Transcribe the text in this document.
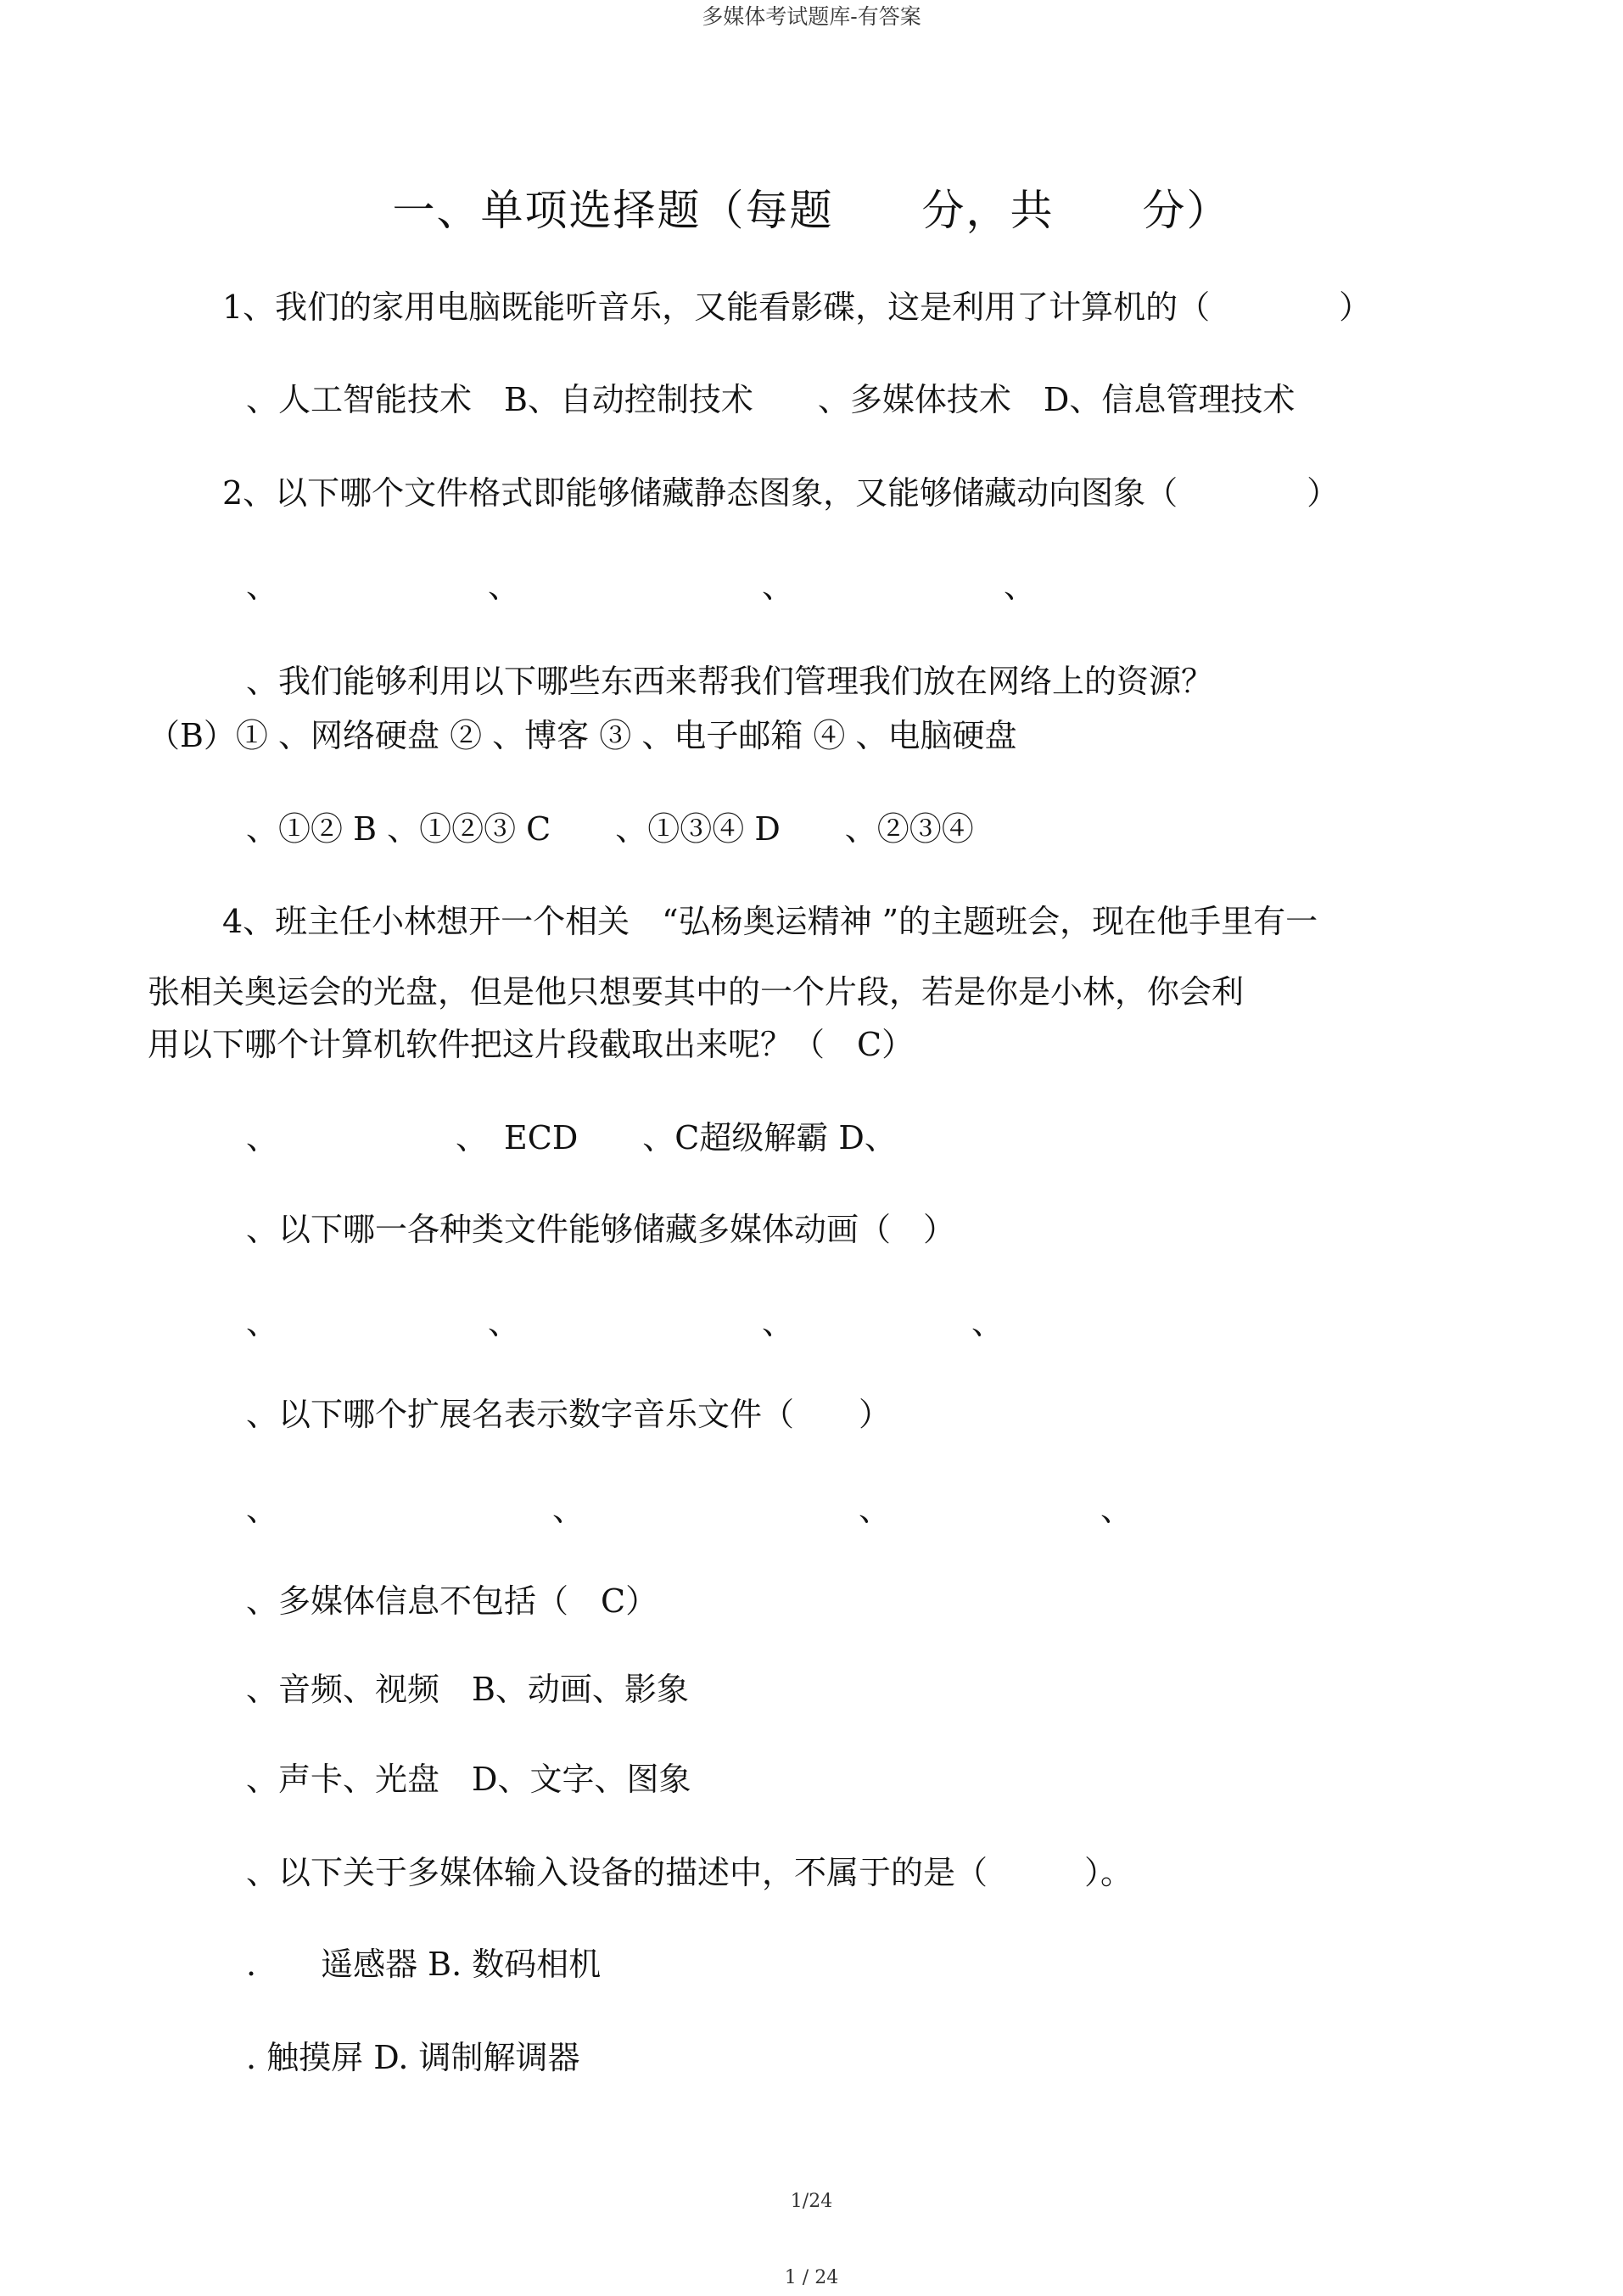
多媒体考试题库-有答案
一、单项选择题（每题　　分，共　　分）
1、我们的家用电脑既能听音乐，又能看影碟，这是利用了计算机的（　　　　）
、人工智能技术　B、自动控制技术　　、多媒体技术　D、信息管理技术
2、以下哪个文件格式即能够储藏静态图象，又能够储藏动向图象（　　　　）
、　　　　　　　、　　　　　　　　、　　　　　　　、
、我们能够利用以下哪些东西来帮我们管理我们放在网络上的资源？
（B）① 、网络硬盘 ② 、博客 ③ 、电子邮箱 ④ 、电脑硬盘
、①② B 、①②③ C　　、①③④ D　　、②③④
4、班主任小林想开一个相关　“弘杨奥运精神 ”的主题班会，现在他手里有一
张相关奥运会的光盘，但是他只想要其中的一个片段，若是你是小林，你会利
用以下哪个计算机软件把这片段截取出来呢？（　C）
、　　　　　　、　ECD　　、C超级解霸 D、
、以下哪一各种类文件能够储藏多媒体动画（　）
、　　　　　　　、　　　　　　　　、　　　　　　、
、以下哪个扩展名表示数字音乐文件（　　）
、　　　　　　　　　、　　　　　　　　　、　　　　　　　、
、多媒体信息不包括（　C）
、音频、视频　B、动画、影象
、声卡、光盘　D、文字、图象
、以下关于多媒体输入设备的描述中，不属于的是（　　　）。
.　　遥感器 B. 数码相机
. 触摸屏 D. 调制解调器
1/24
1 / 24
